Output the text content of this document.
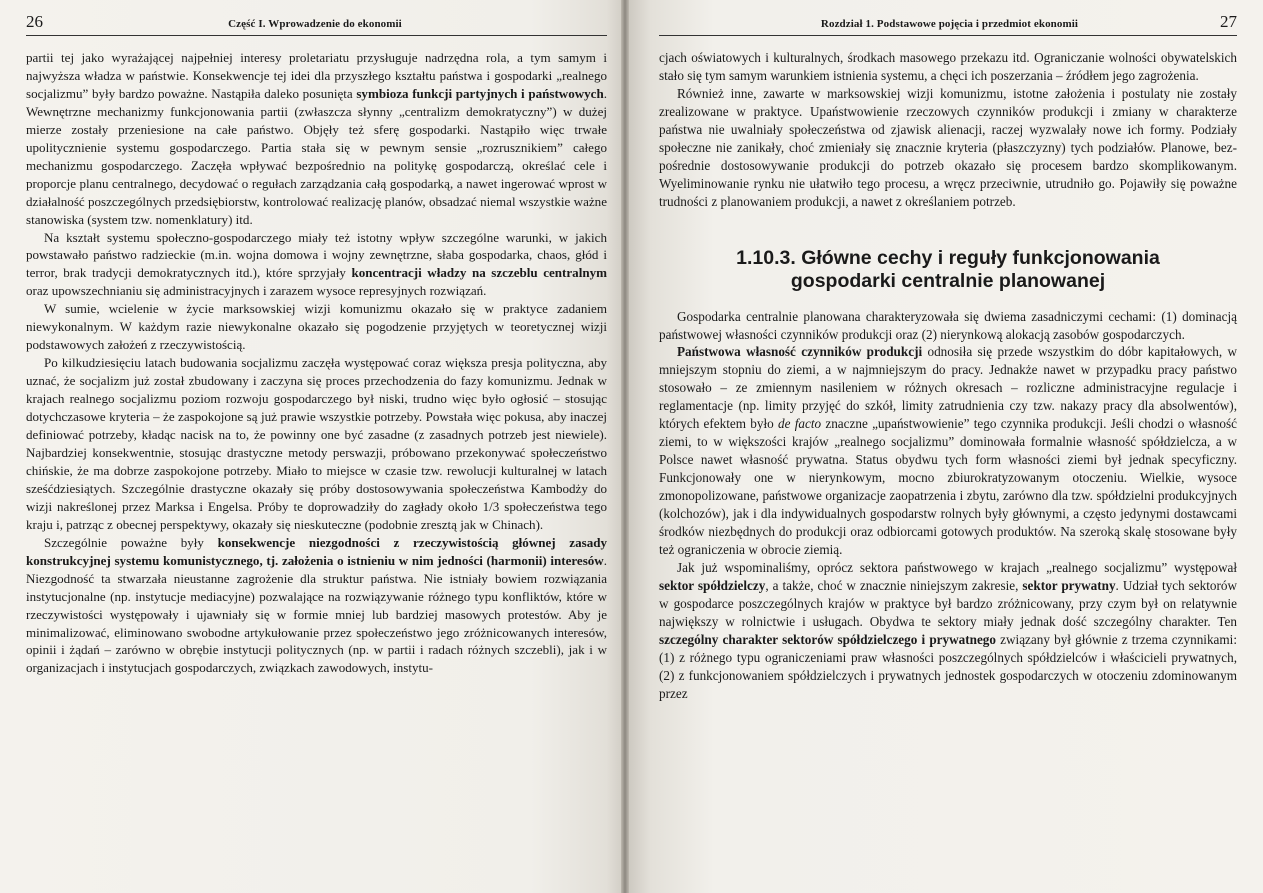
26	Część I. Wprowadzenie do ekonomii

partii tej jako wyrażającej najpełniej interesy proletariatu przysługuje nadrzędna rola, a tym samym i najwyższa władza w państwie. Konsekwencje tej idei dla przyszłego kształtu państwa i gospodarki „realnego socjalizmu” były bardzo poważne. Nastąpiła daleko posunięta symbioza funkcji partyjnych i państwowych. Wewnętrzne mechanizmy funkcjonowania partii (zwłaszcza słynny „centralizm demokratyczny”) w dużej mierze zostały przeniesione na całe państwo. Objęły też sferę gospodarki. Nastąpiło więc trwałe upolitycznienie systemu gospodarczego. Partia stała się w pewnym sensie „rozrusznikiem” całego mechanizmu gospodarczego. Zaczęła wpływać bezpośrednio na politykę gospodarczą, określać cele i proporcje planu centralnego, decydować o regułach zarządzania całą gospodarką, a nawet ingerować wprost w działalność poszczególnych przedsiębiorstw, kontrolować realizację planów, obsadzać niemal wszystkie ważne stanowiska (system tzw. nomenklatury) itd.

Na kształt systemu społeczno-gospodarczego miały też istotny wpływ szczególne warunki, w jakich powstawało państwo radzieckie (m.in. wojna domowa i wojny zewnętrzne, słaba gospodarka, chaos, głód i terror, brak tradycji demokratycznych itd.), które sprzyjały koncentracji władzy na szczeblu centralnym oraz upowszechnianiu się administracyjnych i zarazem wysoce represyjnych rozwiązań.

W sumie, wcielenie w życie marksowskiej wizji komunizmu okazało się w praktyce zadaniem niewykonalnym. W każdym razie niewykonalne okazało się pogodzenie przyjętych w teoretycznej wizji podstawowych założeń z rzeczywistością.

Po kilkudziesięciu latach budowania socjalizmu zaczęła występować coraz większa presja polityczna, aby uznać, że socjalizm już został zbudowany i zaczyna się proces przechodzenia do fazy komunizmu. Jednak w krajach realnego socjalizmu poziom rozwoju gospodarczego był niski, trudno więc było ogłosić – stosując dotychczasowe kryteria – że zaspokojone są już prawie wszystkie potrzeby. Powstała więc pokusa, aby inaczej definiować potrzeby, kładąc nacisk na to, że powinny one być zasadne (z zasadnych potrzeb jest niewiele). Najbardziej konsekwentnie, stosując drastyczne metody perswazji, próbowano przekonywać społeczeństwo chińskie, że ma dobrze zaspokojone potrzeby. Miało to miejsce w czasie tzw. rewolucji kulturalnej w latach sześćdziesiątych. Szczególnie drastyczne okazały się próby dostosowywania społeczeństwa Kambodży do wizji nakreślonej przez Marksa i Engelsa. Próby te doprowadziły do zagłady około 1/3 społeczeństwa tego kraju i, patrząc z obecnej perspektywy, okazały się nieskuteczne (podobnie zresztą jak w Chinach).

Szczególnie poważne były konsekwencje niezgodności z rzeczywistością głównej zasady konstrukcyjnej systemu komunistycznego, tj. założenia o istnieniu w nim jedności (harmonii) interesów. Niezgodność ta stwarzała nieustanne zagrożenie dla struktur państwa. Nie istniały bowiem rozwiązania instytucjonalne (np. instytucje mediacyjne) pozwalające na rozwiązywanie różnego typu konfliktów, które w rzeczywistości występowały i ujawniały się w formie mniej lub bardziej masowych protestów. Aby je minimalizować, eliminowano swobodne artykułowanie przez społeczeństwo jego zróżnicowanych interesów, opinii i żądań – zarówno w obrębie instytucji politycznych (np. w partii i radach różnych szczebli), jak i w organizacjach i instytucjach gospodarczych, związkach zawodowych, instytu-

Rozdział 1. Podstawowe pojęcia i przedmiot ekonomii	27

cjach oświatowych i kulturalnych, środkach masowego przekazu itd. Ograniczanie wolności obywatelskich stało się tym samym warunkiem istnienia systemu, a chęci ich poszerzania – źródłem jego zagrożenia.

Również inne, zawarte w marksowskiej wizji komunizmu, istotne założenia i postulaty nie zostały zrealizowane w praktyce. Upaństwowienie rzeczowych czynników produkcji i zmiany w charakterze państwa nie uwalniały społeczeństwa od zjawisk alienacji, raczej wyzwalały nowe ich formy. Podziały społeczne nie zanikały, choć zmieniały się znacznie kryteria (płaszczyzny) tych podziałów. Planowe, bezpośrednie dostosowywanie produkcji do potrzeb okazało się procesem bardzo skomplikowanym. Wyeliminowanie rynku nie ułatwiło tego procesu, a wręcz przeciwnie, utrudniło go. Pojawiły się poważne trudności z planowaniem produkcji, a nawet z określaniem potrzeb.

1.10.3. Główne cechy i reguły funkcjonowania
gospodarki centralnie planowanej

Gospodarka centralnie planowana charakteryzowała się dwiema zasadniczymi cechami: (1) dominacją państwowej własności czynników produkcji oraz (2) nierynkową alokacją zasobów gospodarczych.

Państwowa własność czynników produkcji odnosiła się przede wszystkim do dóbr kapitałowych, w mniejszym stopniu do ziemi, a w najmniejszym do pracy. Jednakże nawet w przypadku pracy państwo stosowało – ze zmiennym nasileniem w różnych okresach – rozliczne administracyjne regulacje i reglamentacje (np. limity przyjęć do szkół, limity zatrudnienia czy tzw. nakazy pracy dla absolwentów), których efektem było de facto znaczne „upaństwowienie” tego czynnika produkcji. Jeśli chodzi o własność ziemi, to w większości krajów „realnego socjalizmu” dominowała formalnie własność spółdzielcza, a w Polsce nawet własność prywatna. Status obydwu tych form własności ziemi był jednak specyficzny. Funkcjonowały one w nierynkowym, mocno zbiurokratyzowanym otoczeniu. Wielkie, wysoce zmonopolizowane, państwowe organizacje zaopatrzenia i zbytu, zarówno dla tzw. spółdzielni produkcyjnych (kolchozów), jak i dla indywidualnych gospodarstw rolnych były głównymi, a często jedynymi dostawcami środków niezbędnych do produkcji oraz odbiorcami gotowych produktów. Na szeroką skalę stosowane były też ograniczenia w obrocie ziemią.

Jak już wspominaliśmy, oprócz sektora państwowego w krajach „realnego socjalizmu” występował sektor spółdzielczy, a także, choć w znacznie niniejszym zakresie, sektor prywatny. Udział tych sektorów w gospodarce poszczególnych krajów w praktyce był bardzo zróżnicowany, przy czym był on relatywnie największy w rolnictwie i usługach. Obydwa te sektory miały jednak dość szczególny charakter. Ten szczególny charakter sektorów spółdzielczego i prywatnego związany był głównie z trzema czynnikami: (1) z różnego typu ograniczeniami praw własności poszczególnych spółdzielców i właścicieli prywatnych, (2) z funkcjonowaniem spółdzielczych i prywatnych jednostek gospodarczych w otoczeniu zdominowanym przez
